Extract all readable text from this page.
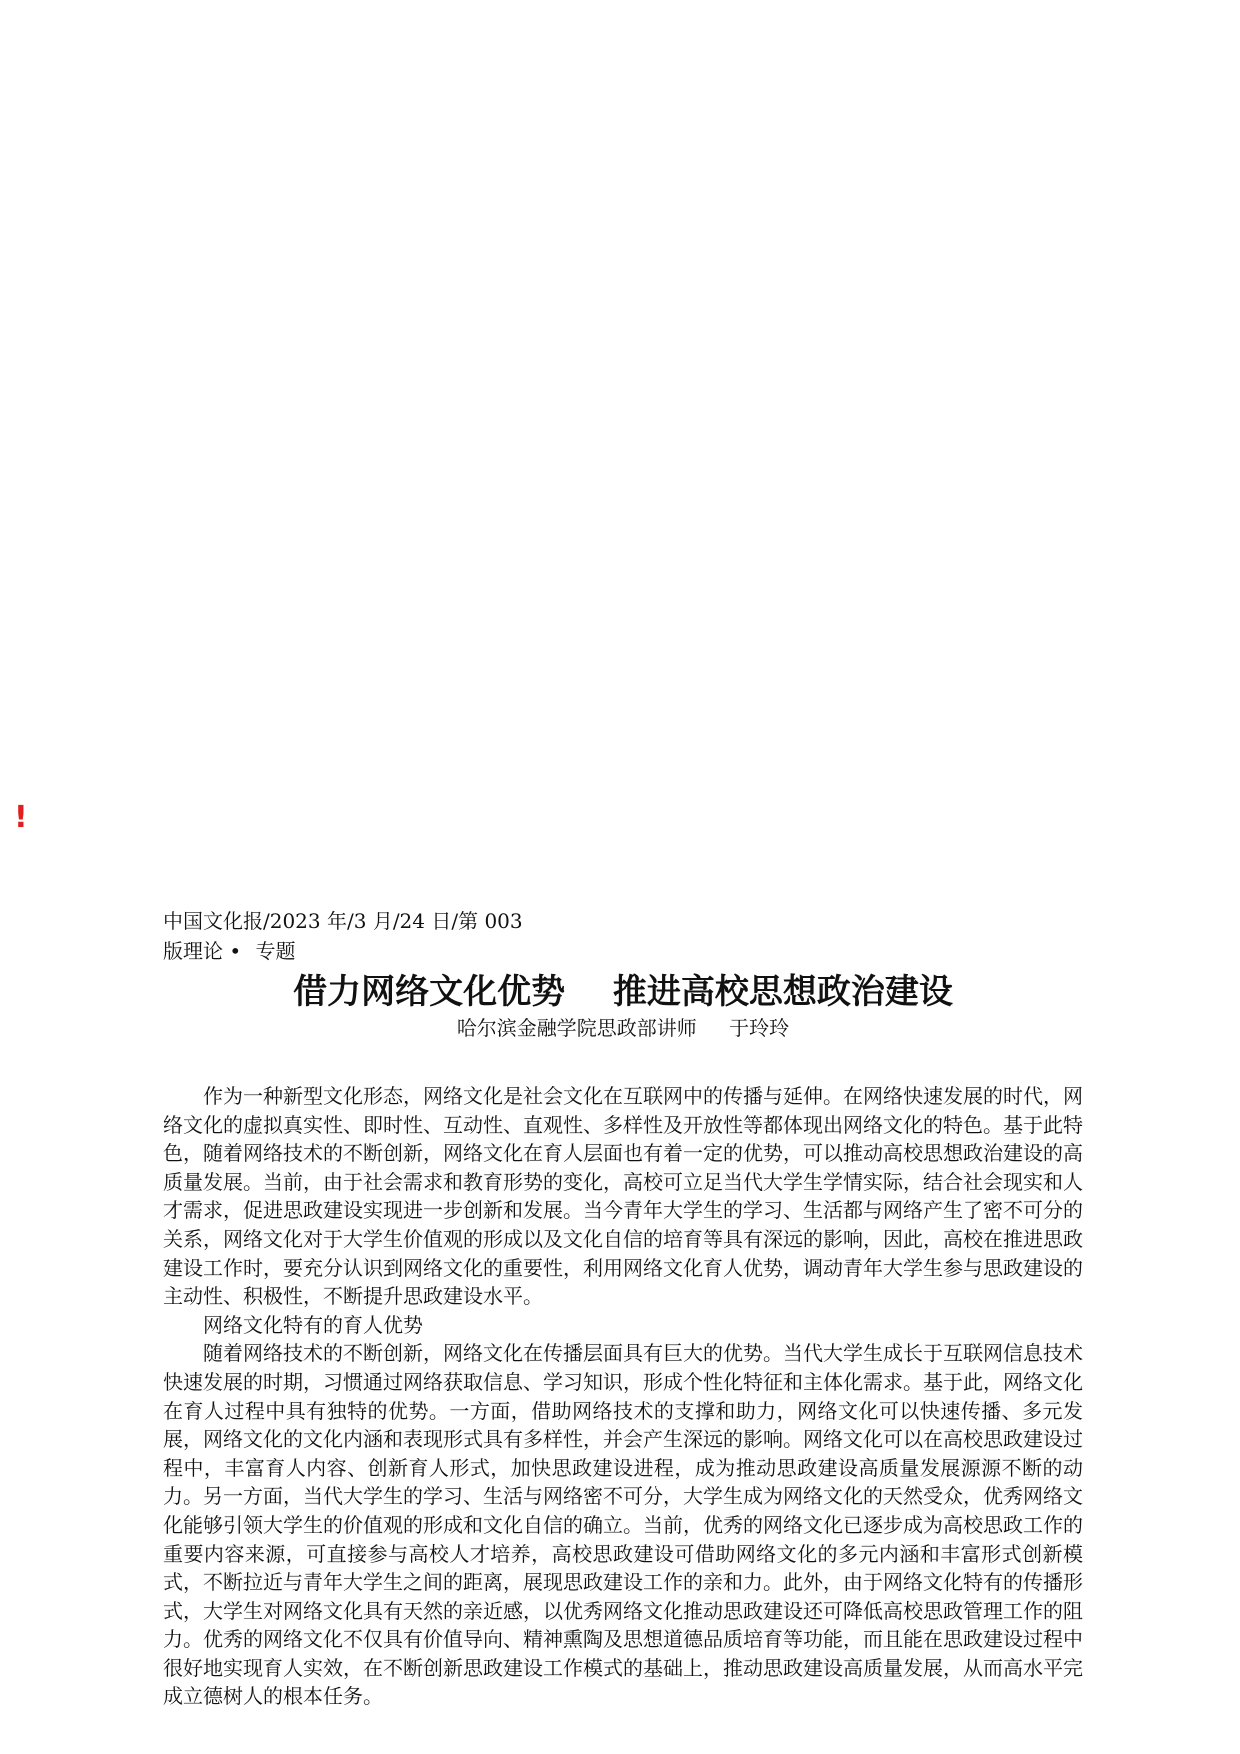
!
中国文化报/2023 年/3 月/24 日/第 003
版理论 • 专题
借力网络文化优势 推进高校思想政治建设
哈尔滨金融学院思政部讲师 于玲玲

作为一种新型文化形态，网络文化是社会文化在互联网中的传播与延伸。在网络快速发展的时代，网络文化的虚拟真实性、即时性、互动性、直观性、多样性及开放性等都体现出网络文化的特色。基于此特色，随着网络技术的不断创新，网络文化在育人层面也有着一定的优势，可以推动高校思想政治建设的高质量发展。当前，由于社会需求和教育形势的变化，高校可立足当代大学生学情实际，结合社会现实和人才需求，促进思政建设实现进一步创新和发展。当今青年大学生的学习、生活都与网络产生了密不可分的关系，网络文化对于大学生价值观的形成以及文化自信的培育等具有深远的影响，因此，高校在推进思政建设工作时，要充分认识到网络文化的重要性，利用网络文化育人优势，调动青年大学生参与思政建设的主动性、积极性，不断提升思政建设水平。

网络文化特有的育人优势

随着网络技术的不断创新，网络文化在传播层面具有巨大的优势。当代大学生成长于互联网信息技术快速发展的时期，习惯通过网络获取信息、学习知识，形成个性化特征和主体化需求。基于此，网络文化在育人过程中具有独特的优势。一方面，借助网络技术的支撑和助力，网络文化可以快速传播、多元发展，网络文化的文化内涵和表现形式具有多样性，并会产生深远的影响。网络文化可以在高校思政建设过程中，丰富育人内容、创新育人形式，加快思政建设进程，成为推动思政建设高质量发展源源不断的动力。另一方面，当代大学生的学习、生活与网络密不可分，大学生成为网络文化的天然受众，优秀网络文化能够引领大学生的价值观的形成和文化自信的确立。当前，优秀的网络文化已逐步成为高校思政工作的重要内容来源，可直接参与高校人才培养，高校思政建设可借助网络文化的多元内涵和丰富形式创新模式，不断拉近与青年大学生之间的距离，展现思政建设工作的亲和力。此外，由于网络文化特有的传播形式，大学生对网络文化具有天然的亲近感，以优秀网络文化推动思政建设还可降低高校思政管理工作的阻力。优秀的网络文化不仅具有价值导向、精神熏陶及思想道德品质培育等功能，而且能在思政建设过程中很好地实现育人实效，在不断创新思政建设工作模式的基础上，推动思政建设高质量发展，从而高水平完成立德树人的根本任务。
